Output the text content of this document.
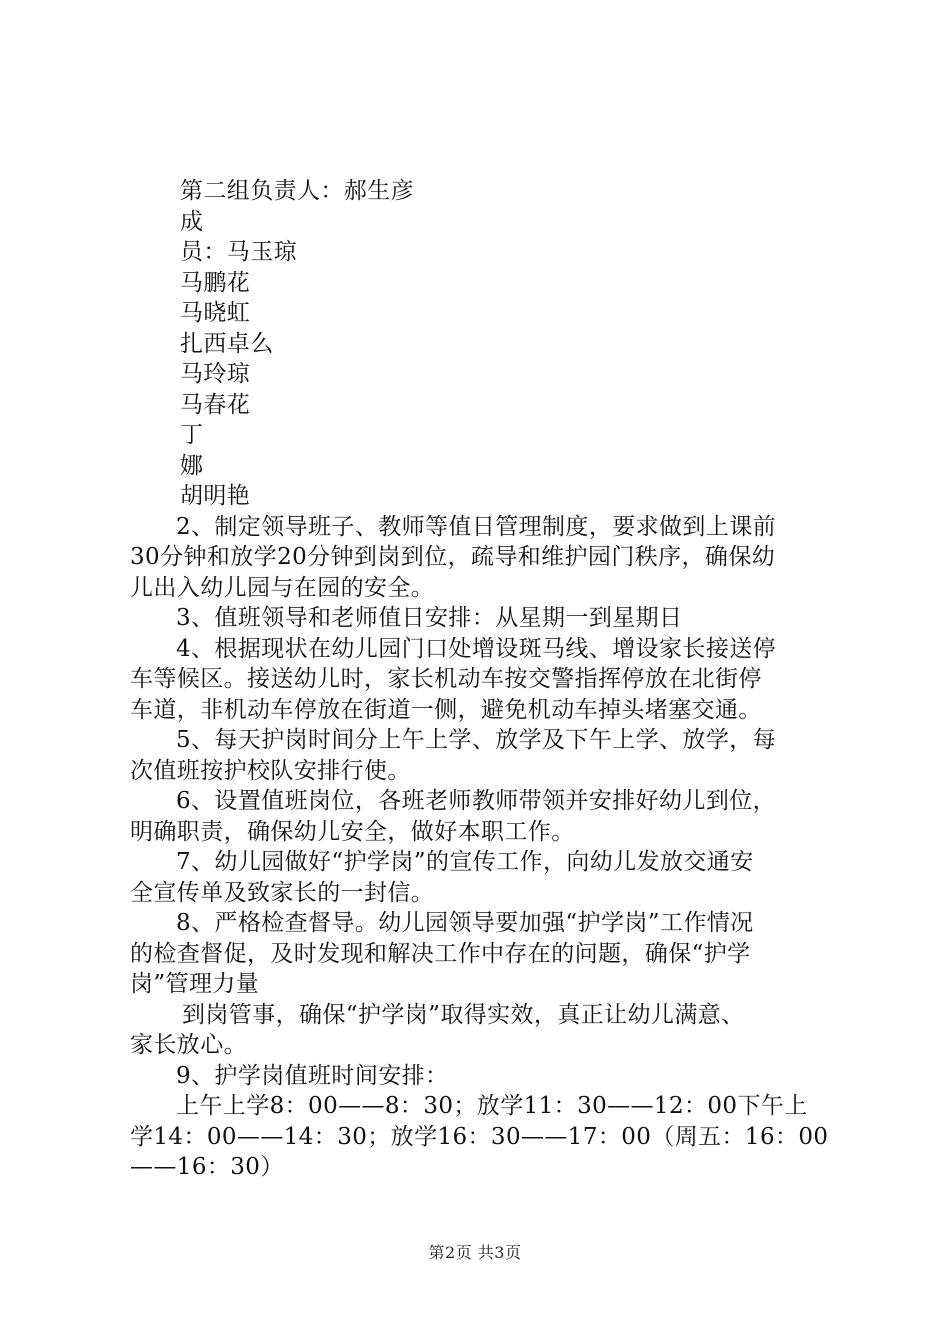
第二组负责人：郝生彦
成
员：马玉琼
马鹏花
马晓虹
扎西卓么
马玲琼
马春花
丁
娜
胡明艳
2、制定领导班子、教师等值日管理制度，要求做到上课前
30分钟和放学20分钟到岗到位，疏导和维护园门秩序，确保幼
儿出入幼儿园与在园的安全。
3、值班领导和老师值日安排：从星期一到星期日
4、根据现状在幼儿园门口处增设斑马线、增设家长接送停
车等候区。接送幼儿时，家长机动车按交警指挥停放在北街停
车道，非机动车停放在街道一侧，避免机动车掉头堵塞交通。
5、每天护岗时间分上午上学、放学及下午上学、放学，每
次值班按护校队安排行使。
6、设置值班岗位，各班老师教师带领并安排好幼儿到位，
明确职责，确保幼儿安全，做好本职工作。
7、幼儿园做好“护学岗”的宣传工作，向幼儿发放交通安
全宣传单及致家长的一封信。
8、严格检查督导。幼儿园领导要加强“护学岗”工作情况
的检查督促，及时发现和解决工作中存在的问题，确保“护学
岗”管理力量
到岗管事，确保“护学岗”取得实效，真正让幼儿满意、
家长放心。
9、护学岗值班时间安排：
上午上学8：00——8：30；放学11：30——12：00下午上
学14：00——14：30；放学16：30——17：00（周五：16：00
——16：30）
第2页 共3页
